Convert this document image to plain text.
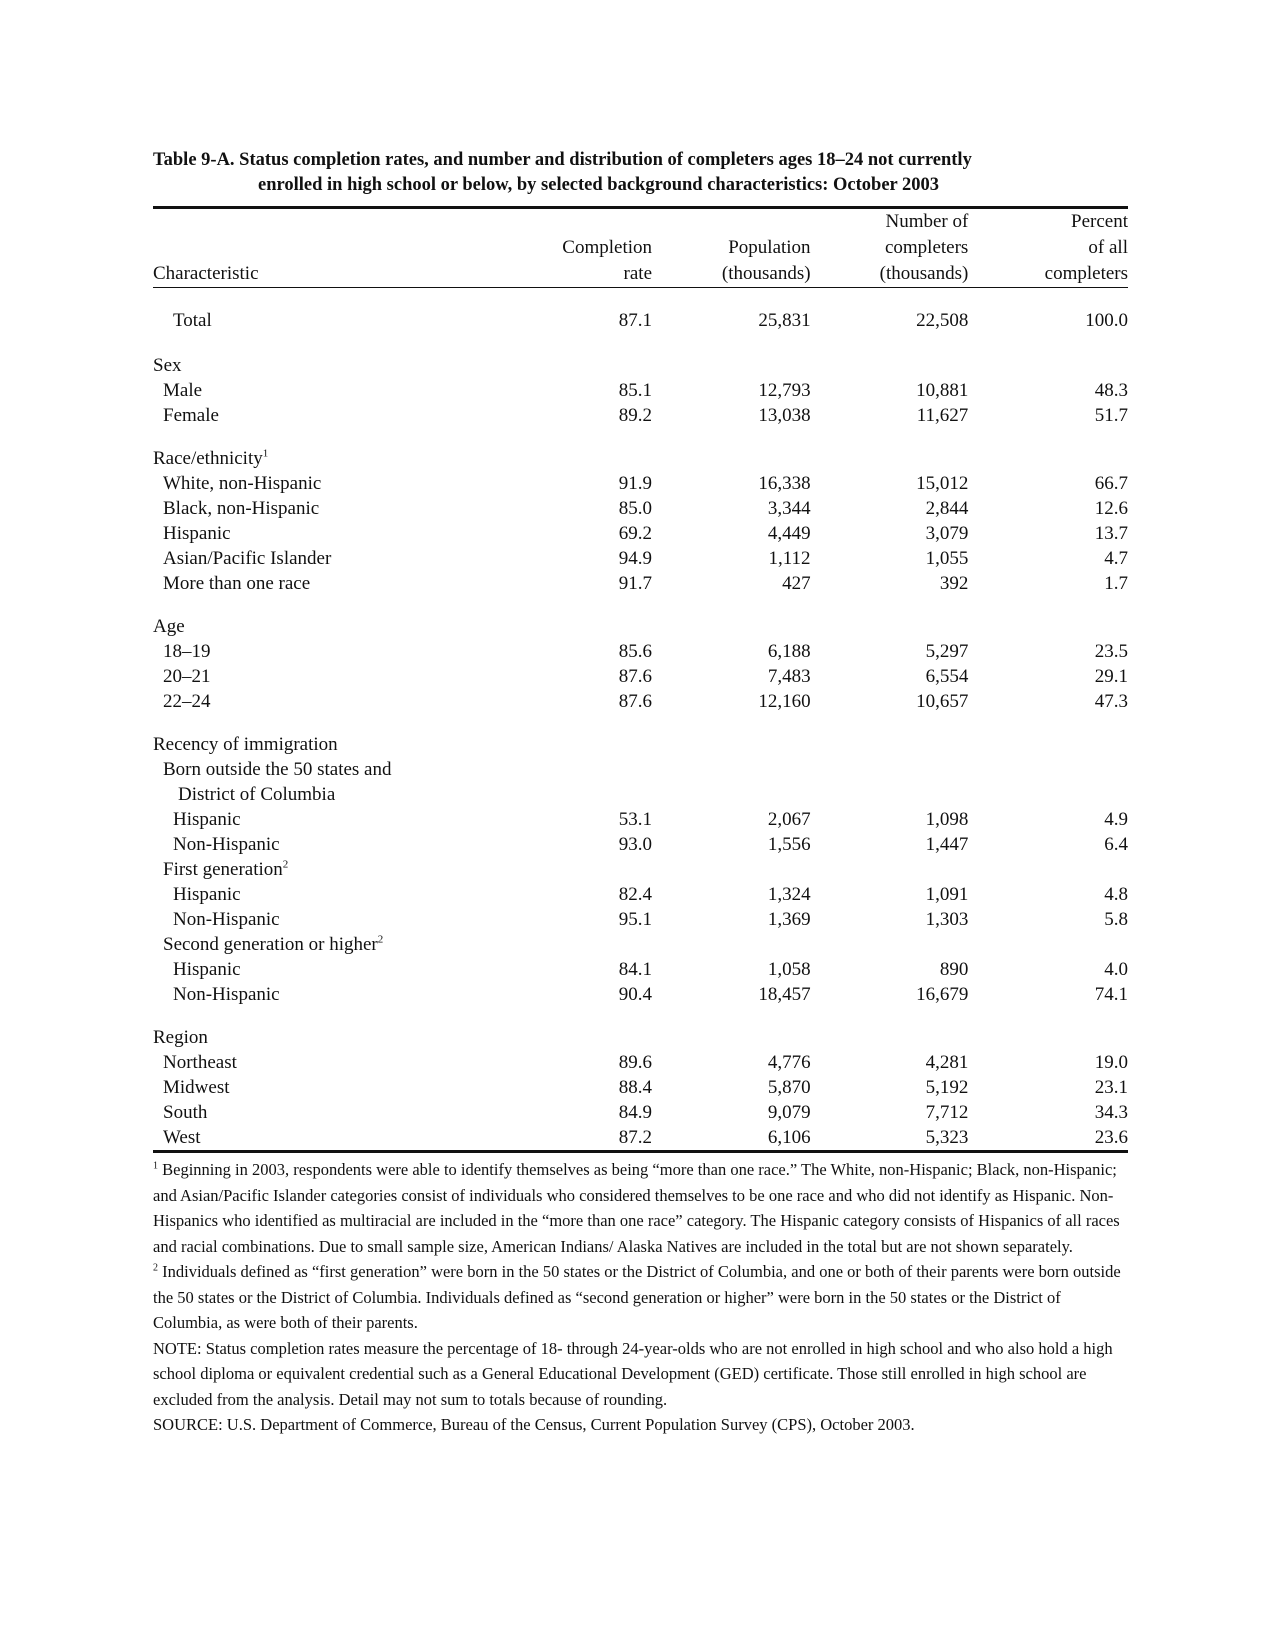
Table 9-A. Status completion rates, and number and distribution of completers ages 18–24 not currently
enrolled in high school or below, by selected background characteristics: October 2003
			Number of	Percent
	Completion	Population	completers	of all
Characteristic	rate	(thousands)	(thousands)	completers

Total	87.1	25,831	22,508	100.0

Sex				
Male	85.1	12,793	10,881	48.3
Female	89.2	13,038	11,627	51.7

Race/ethnicity$^1$
White, non-Hispanic	91.9	16,338	15,012	66.7
Black, non-Hispanic	85.0	3,344	2,844	12.6
Hispanic	69.2	4,449	3,079	13.7
Asian/Pacific Islander	94.9	1,112	1,055	4.7
More than one race	91.7	427	392	1.7

Age				
18–19	85.6	6,188	5,297	23.5
20–21	87.6	7,483	6,554	29.1
22–24	87.6	12,160	10,657	47.3

Recency of immigration				
Born outside the 50 states and				
District of Columbia				
Hispanic	53.1	2,067	1,098	4.9
Non-Hispanic	93.0	1,556	1,447	6.4
First generation$^2$
Hispanic	82.4	1,324	1,091	4.8
Non-Hispanic	95.1	1,369	1,303	5.8
Second generation or higher$^2$
Hispanic	84.1	1,058	890	4.0
Non-Hispanic	90.4	18,457	16,679	74.1

Region				
Northeast	89.6	4,776	4,281	19.0
Midwest	88.4	5,870	5,192	23.1
South	84.9	9,079	7,712	34.3
West	87.2	6,106	5,323	23.6

$^1$ Beginning in 2003, respondents were able to identify themselves as being “more than one race.” The White, non-Hispanic; Black, non-Hispanic; and Asian/Pacific Islander categories consist of individuals who considered themselves to be one race and who did not identify as Hispanic. Non-Hispanics who identified as multiracial are included in the “more than one race” category. The Hispanic category consists of Hispanics of all races and racial combinations. Due to small sample size, American Indians/ Alaska Natives are included in the total but are not shown separately.

$^2$ Individuals defined as “first generation” were born in the 50 states or the District of Columbia, and one or both of their parents were born outside the 50 states or the District of Columbia. Individuals defined as “second generation or higher” were born in the 50 states or the District of Columbia, as were both of their parents.

NOTE: Status completion rates measure the percentage of 18- through 24-year-olds who are not enrolled in high school and who also hold a high school diploma or equivalent credential such as a General Educational Development (GED) certificate. Those still enrolled in high school are excluded from the analysis. Detail may not sum to totals because of rounding.

SOURCE: U.S. Department of Commerce, Bureau of the Census, Current Population Survey (CPS), October 2003.
